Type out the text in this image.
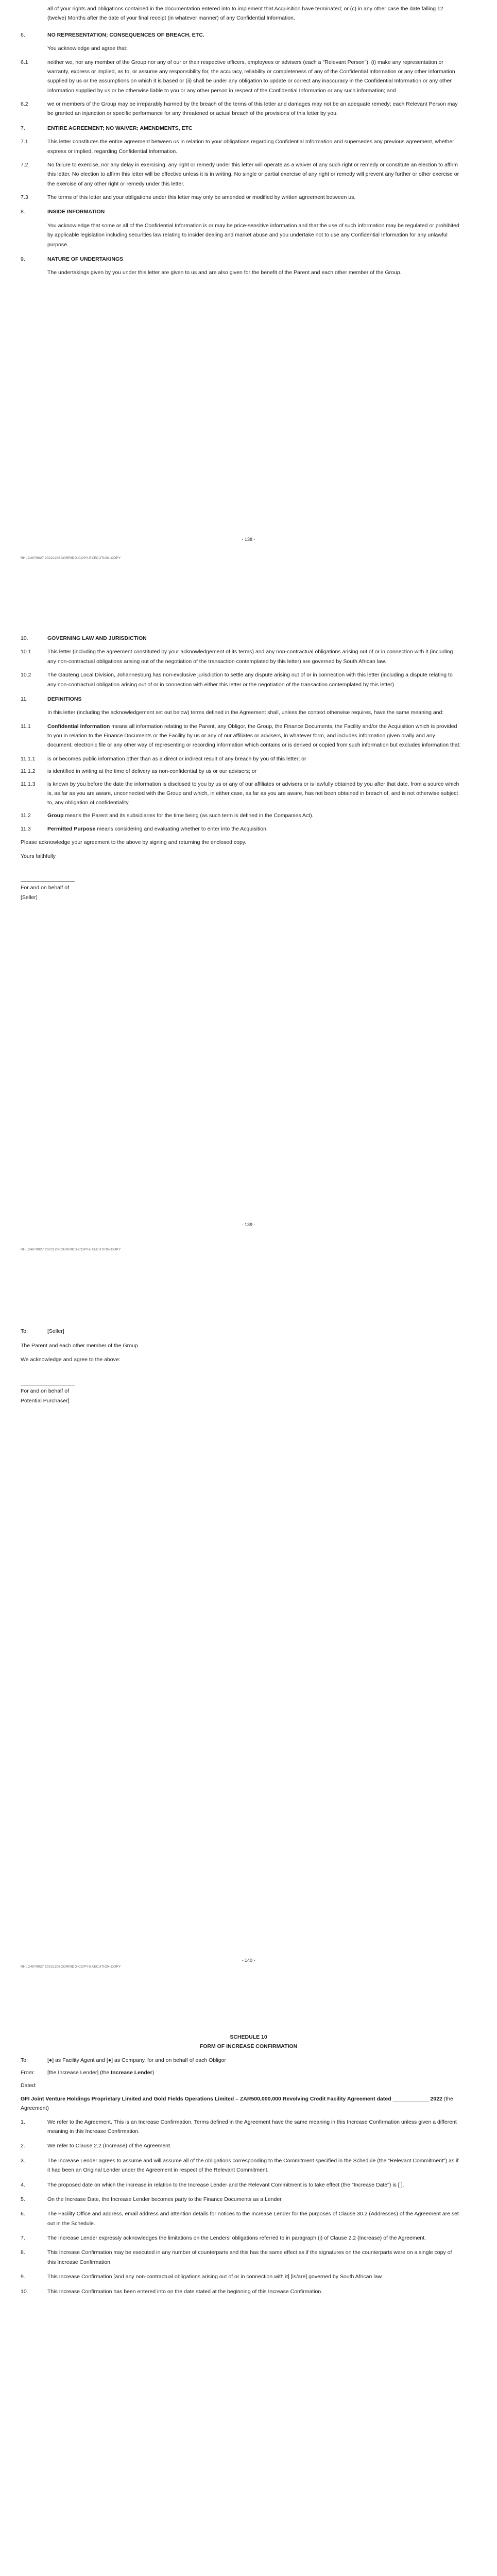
all of your rights and obligations contained in the documentation entered into to implement that Acquisition have terminated; or (c) in any other case the date falling 12 (twelve) Months after the date of your final receipt (in whatever manner) of any Confidential Information.
6.	NO REPRESENTATION; CONSEQUENCES OF BREACH, ETC.
You acknowledge and agree that:
6.1	neither we, nor any member of the Group nor any of our or their respective officers, employees or advisers (each a "Relevant Person"): (i) make any representation or warranty, express or implied, as to, or assume any responsibility for, the accuracy, reliability or completeness of any of the Confidential Information or any other information supplied by us or the assumptions on which it is based or (ii) shall be under any obligation to update or correct any inaccuracy in the Confidential Information or any other information supplied by us or be otherwise liable to you or any other person in respect of the Confidential Information or any such information; and
6.2	we or members of the Group may be irreparably harmed by the breach of the terms of this letter and damages may not be an adequate remedy; each Relevant Person may be granted an injunction or specific performance for any threatened or actual breach of the provisions of this letter by you.
7.	ENTIRE AGREEMENT; NO WAIVER; AMENDMENTS, ETC
7.1	This letter constitutes the entire agreement between us in relation to your obligations regarding Confidential Information and supersedes any previous agreement, whether express or implied, regarding Confidential Information.
7.2	No failure to exercise, nor any delay in exercising, any right or remedy under this letter will operate as a waiver of any such right or remedy or constitute an election to affirm this letter. No election to affirm this letter will be effective unless it is in writing. No single or partial exercise of any right or remedy will prevent any further or other exercise or the exercise of any other right or remedy under this letter.
7.3	The terms of this letter and your obligations under this letter may only be amended or modified by written agreement between us.
8.	INSIDE INFORMATION
You acknowledge that some or all of the Confidential Information is or may be price-sensitive information and that the use of such information may be regulated or prohibited by applicable legislation including securities law relating to insider dealing and market abuse and you undertake not to use any Confidential Information for any unlawful purpose.
9.	NATURE OF UNDERTAKINGS
The undertakings given by you under this letter are given to us and are also given for the benefit of the Parent and each other member of the Group.
- 138 -
RHLC4979027 20221206CORRIDG-COPY-EXECUTION-COPY
10.	GOVERNING LAW AND JURISDICTION
10.1	This letter (including the agreement constituted by your acknowledgement of its terms) and any non-contractual obligations arising out of or in connection with it (including any non-contractual obligations arising out of the negotiation of the transaction contemplated by this letter) are governed by South African law.
10.2	The Gauteng Local Division, Johannesburg has non-exclusive jurisdiction to settle any dispute arising out of or in connection with this letter (including a dispute relating to any non-contractual obligation arising out of or in connection with either this letter or the negotiation of the transaction contemplated by this letter).
11.	DEFINITIONS
In this letter (including the acknowledgement set out below) terms defined in the Agreement shall, unless the context otherwise requires, have the same meaning and:
11.1	Confidential Information means all information relating to the Parent, any Obligor, the Group, the Finance Documents, the Facility and/or the Acquisition which is provided to you in relation to the Finance Documents or the Facility by us or any of our affiliates or advisers, in whatever form, and includes information given orally and any document, electronic file or any other way of representing or recording information which contains or is derived or copied from such information but excludes information that:
11.1.1 is or becomes public information other than as a direct or indirect result of any breach by you of this letter; or
11.1.2 is identified in writing at the time of delivery as non-confidential by us or our advisers; or
11.1.3 is known by you before the date the information is disclosed to you by us or any of our affiliates or advisers or is lawfully obtained by you after that date, from a source which is, as far as you are aware, unconnected with the Group and which, in either case, as far as you are aware, has not been obtained in breach of, and is not otherwise subject to, any obligation of confidentiality.
11.2	Group means the Parent and its subsidiaries for the time being (as such term is defined in the Companies Act).
11.3	Permitted Purpose means considering and evaluating whether to enter into the Acquisition.
Please acknowledge your agreement to the above by signing and returning the enclosed copy.
Yours faithfully
For and on behalf of
[Seller]
- 139 -
RHLC4979027 20221206CORRIDG-COPY-EXECUTION-COPY
To:	[Seller]
The Parent and each other member of the Group
We acknowledge and agree to the above:
For and on behalf of
Potential Purchaser]
- 140 -
RHLC4979027 20221206CORRIDG-COPY-EXECUTION-COPY
SCHEDULE 10
FORM OF INCREASE CONFIRMATION
To:	[●] as Facility Agent and [●] as Company, for and on behalf of each Obligor
From: [the Increase Lender] (the Increase Lender)
Dated:
GFI Joint Venture Holdings Proprietary Limited and Gold Fields Operations Limited – ZAR500,000,000 Revolving Credit Facility Agreement dated ____________ 2022 (the Agreement)
1.	We refer to the Agreement. This is an Increase Confirmation. Terms defined in the Agreement have the same meaning in this Increase Confirmation unless given a different meaning in this Increase Confirmation.
2.	We refer to Clause 2.2 (Increase) of the Agreement.
3.	The Increase Lender agrees to assume and will assume all of the obligations corresponding to the Commitment specified in the Schedule (the "Relevant Commitment") as if it had been an Original Lender under the Agreement in respect of the Relevant Commitment.
4.	The proposed date on which the increase in relation to the Increase Lender and the Relevant Commitment is to take effect (the "Increase Date") is [ ].
5.	On the Increase Date, the Increase Lender becomes party to the Finance Documents as a Lender.
6.	The Facility Office and address, email address and attention details for notices to the Increase Lender for the purposes of Clause 30.2 (Addresses) of the Agreement are set out in the Schedule.
7.	The Increase Lender expressly acknowledges the limitations on the Lenders' obligations referred to in paragraph (i) of Clause 2.2 (Increase) of the Agreement.
8.	This Increase Confirmation may be executed in any number of counterparts and this has the same effect as if the signatures on the counterparts were on a single copy of this Increase Confirmation.
9.	This Increase Confirmation [and any non-contractual obligations arising out of or in connection with it] [is/are] governed by South African law.
10.	This Increase Confirmation has been entered into on the date stated at the beginning of this Increase Confirmation.
